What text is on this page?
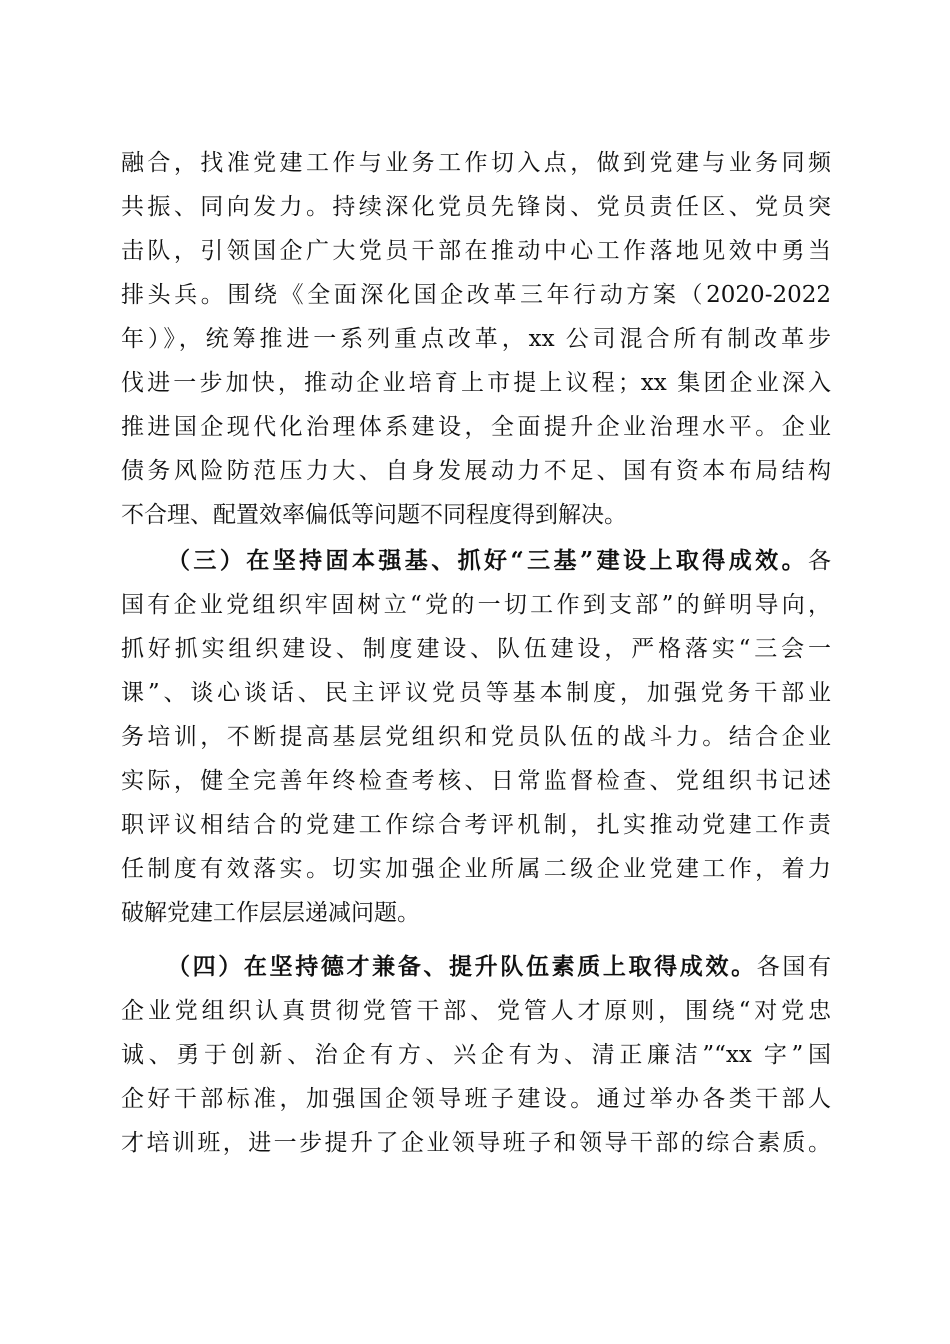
融合，找准党建工作与业务工作切入点，做到党建与业务同频
共振、同向发力。持续深化党员先锋岗、党员责任区、党员突
击队，引领国企广大党员干部在推动中心工作落地见效中勇当
排头兵。围绕《全面深化国企改革三年行动方案（2020-2022
年）》，统筹推进一系列重点改革，xx 公司混合所有制改革步
伐进一步加快，推动企业培育上市提上议程；xx 集团企业深入
推进国企现代化治理体系建设，全面提升企业治理水平。企业
债务风险防范压力大、自身发展动力不足、国有资本布局结构
不合理、配置效率偏低等问题不同程度得到解决。
（三）在坚持固本强基、抓好“三基”建设上取得成效。各
国有企业党组织牢固树立“党的一切工作到支部”的鲜明导向，
抓好抓实组织建设、制度建设、队伍建设，严格落实“三会一
课”、谈心谈话、民主评议党员等基本制度，加强党务干部业
务培训，不断提高基层党组织和党员队伍的战斗力。结合企业
实际，健全完善年终检查考核、日常监督检查、党组织书记述
职评议相结合的党建工作综合考评机制，扎实推动党建工作责
任制度有效落实。切实加强企业所属二级企业党建工作，着力
破解党建工作层层递减问题。
（四）在坚持德才兼备、提升队伍素质上取得成效。各国有
企业党组织认真贯彻党管干部、党管人才原则，围绕“对党忠
诚、勇于创新、治企有方、兴企有为、清正廉洁”“xx 字”国
企好干部标准，加强国企领导班子建设。通过举办各类干部人
才培训班，进一步提升了企业领导班子和领导干部的综合素质。
